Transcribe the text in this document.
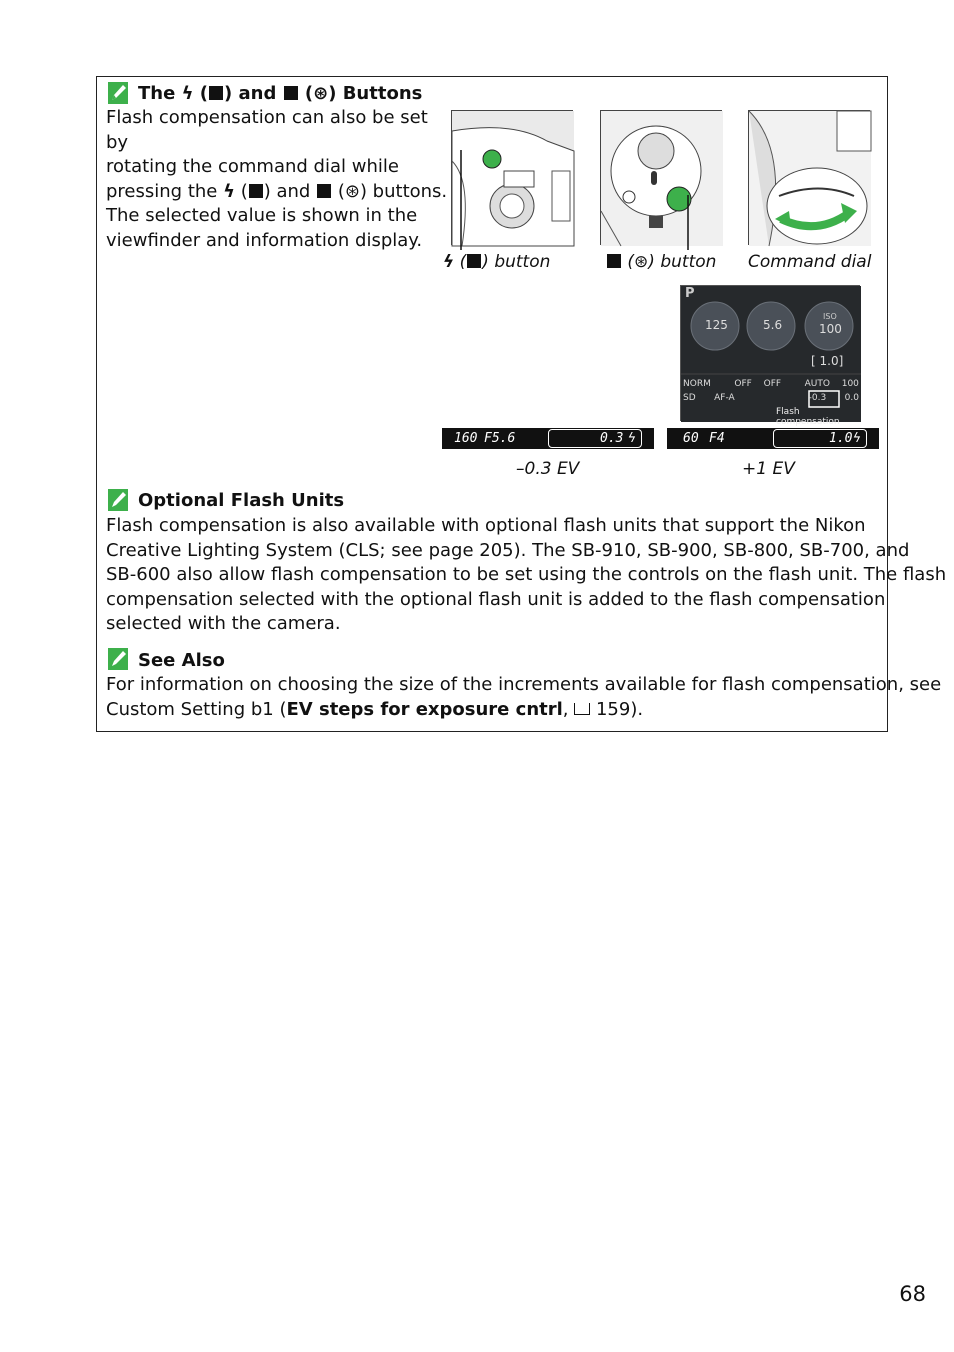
The ϟ ( ) and (⊛) Buttons
Flash compensation can also be set by
rotating the command dial while
pressing the ϟ ( ) and (⊛) buttons.
The selected value is shown in the
viewfinder and information display.
ϟ ( ) button	(⊛) button Command dial
P
125	5.6
ISO
100
[ 1.0]
NORM	OFF OFF	AUTO 100
SD AF-A	-0.3 0.0
Flash compensation
160 F5.6	0.3 ϟ	60 F4	1.0 ϟ
–0.3 EV	+1 EV
Optional Flash Units
Flash compensation is also available with optional flash units that support the Nikon
Creative Lighting System (CLS; see page 205). The SB-910, SB-900, SB-800, SB-700, and
SB-600 also allow flash compensation to be set using the controls on the flash unit. The flash
compensation selected with the optional flash unit is added to the flash compensation
selected with the camera.
See Also
For information on choosing the size of the increments available for flash compensation, see
Custom Setting b1 (EV steps for exposure cntrl,  159).
68
